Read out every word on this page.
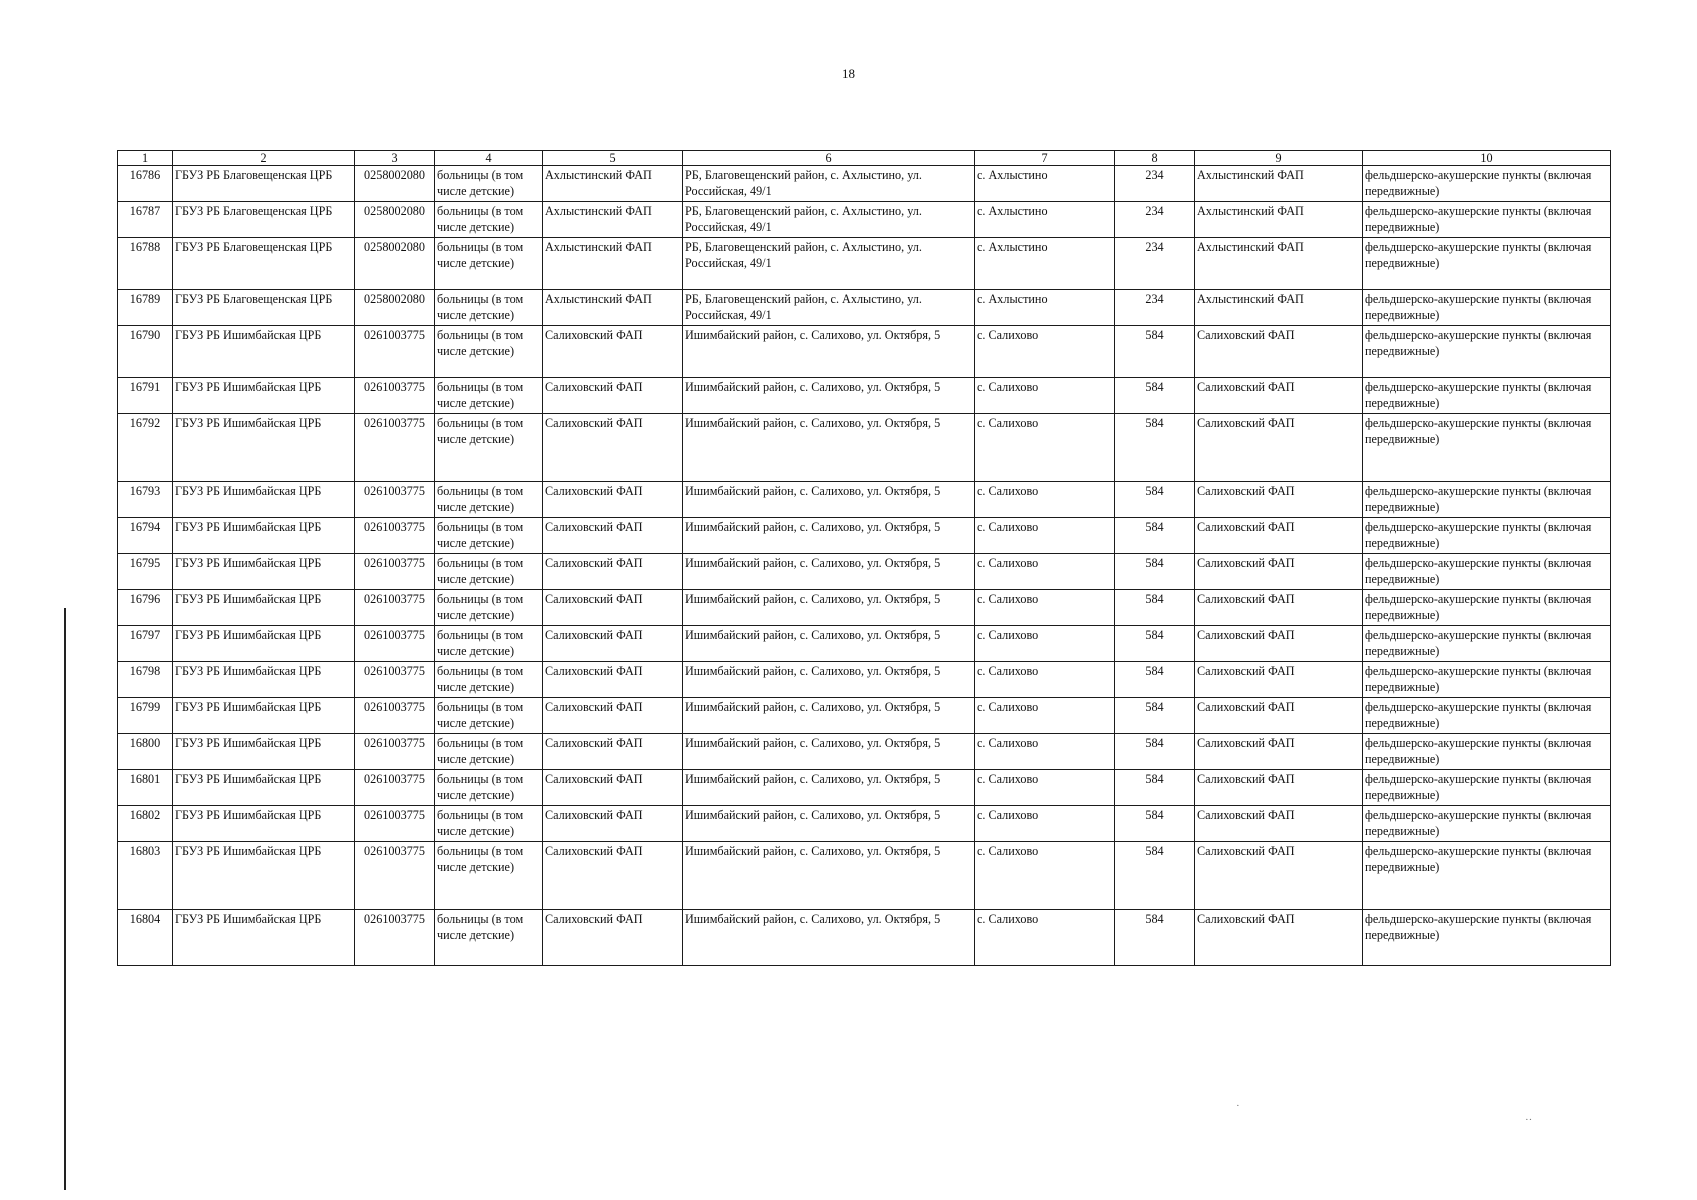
18
·
··
1	2	3	4	5	6	7	8	9	10
16786	ГБУЗ РБ Благовещенская ЦРБ	0258002080	больницы (в том числе детские)	Ахлыстинский ФАП	РБ, Благовещенский район, с. Ахлыстино, ул. Российская, 49/1	с. Ахлыстино	234	Ахлыстинский ФАП	фельдшерско-акушерские пункты (включая передвижные)
16787	ГБУЗ РБ Благовещенская ЦРБ	0258002080	больницы (в том числе детские)	Ахлыстинский ФАП	РБ, Благовещенский район, с. Ахлыстино, ул. Российская, 49/1	с. Ахлыстино	234	Ахлыстинский ФАП	фельдшерско-акушерские пункты (включая передвижные)
16788	ГБУЗ РБ Благовещенская ЦРБ	0258002080	больницы (в том числе детские)	Ахлыстинский ФАП	РБ, Благовещенский район, с. Ахлыстино, ул. Российская, 49/1	с. Ахлыстино	234	Ахлыстинский ФАП	фельдшерско-акушерские пункты (включая передвижные)
16789	ГБУЗ РБ Благовещенская ЦРБ	0258002080	больницы (в том числе детские)	Ахлыстинский ФАП	РБ, Благовещенский район, с. Ахлыстино, ул. Российская, 49/1	с. Ахлыстино	234	Ахлыстинский ФАП	фельдшерско-акушерские пункты (включая передвижные)
16790	ГБУЗ РБ Ишимбайская ЦРБ	0261003775	больницы (в том числе детские)	Салиховский ФАП	Ишимбайский район, с. Салихово, ул. Октября, 5	с. Салихово	584	Салиховский ФАП	фельдшерско-акушерские пункты (включая передвижные)
16791	ГБУЗ РБ Ишимбайская ЦРБ	0261003775	больницы (в том числе детские)	Салиховский ФАП	Ишимбайский район, с. Салихово, ул. Октября, 5	с. Салихово	584	Салиховский ФАП	фельдшерско-акушерские пункты (включая передвижные)
16792	ГБУЗ РБ Ишимбайская ЦРБ	0261003775	больницы (в том числе детские)	Салиховский ФАП	Ишимбайский район, с. Салихово, ул. Октября, 5	с. Салихово	584	Салиховский ФАП	фельдшерско-акушерские пункты (включая передвижные)
16793	ГБУЗ РБ Ишимбайская ЦРБ	0261003775	больницы (в том числе детские)	Салиховский ФАП	Ишимбайский район, с. Салихово, ул. Октября, 5	с. Салихово	584	Салиховский ФАП	фельдшерско-акушерские пункты (включая передвижные)
16794	ГБУЗ РБ Ишимбайская ЦРБ	0261003775	больницы (в том числе детские)	Салиховский ФАП	Ишимбайский район, с. Салихово, ул. Октября, 5	с. Салихово	584	Салиховский ФАП	фельдшерско-акушерские пункты (включая передвижные)
16795	ГБУЗ РБ Ишимбайская ЦРБ	0261003775	больницы (в том числе детские)	Салиховский ФАП	Ишимбайский район, с. Салихово, ул. Октября, 5	с. Салихово	584	Салиховский ФАП	фельдшерско-акушерские пункты (включая передвижные)
16796	ГБУЗ РБ Ишимбайская ЦРБ	0261003775	больницы (в том числе детские)	Салиховский ФАП	Ишимбайский район, с. Салихово, ул. Октября, 5	с. Салихово	584	Салиховский ФАП	фельдшерско-акушерские пункты (включая передвижные)
16797	ГБУЗ РБ Ишимбайская ЦРБ	0261003775	больницы (в том числе детские)	Салиховский ФАП	Ишимбайский район, с. Салихово, ул. Октября, 5	с. Салихово	584	Салиховский ФАП	фельдшерско-акушерские пункты (включая передвижные)
16798	ГБУЗ РБ Ишимбайская ЦРБ	0261003775	больницы (в том числе детские)	Салиховский ФАП	Ишимбайский район, с. Салихово, ул. Октября, 5	с. Салихово	584	Салиховский ФАП	фельдшерско-акушерские пункты (включая передвижные)
16799	ГБУЗ РБ Ишимбайская ЦРБ	0261003775	больницы (в том числе детские)	Салиховский ФАП	Ишимбайский район, с. Салихово, ул. Октября, 5	с. Салихово	584	Салиховский ФАП	фельдшерско-акушерские пункты (включая передвижные)
16800	ГБУЗ РБ Ишимбайская ЦРБ	0261003775	больницы (в том числе детские)	Салиховский ФАП	Ишимбайский район, с. Салихово, ул. Октября, 5	с. Салихово	584	Салиховский ФАП	фельдшерско-акушерские пункты (включая передвижные)
16801	ГБУЗ РБ Ишимбайская ЦРБ	0261003775	больницы (в том числе детские)	Салиховский ФАП	Ишимбайский район, с. Салихово, ул. Октября, 5	с. Салихово	584	Салиховский ФАП	фельдшерско-акушерские пункты (включая передвижные)
16802	ГБУЗ РБ Ишимбайская ЦРБ	0261003775	больницы (в том числе детские)	Салиховский ФАП	Ишимбайский район, с. Салихово, ул. Октября, 5	с. Салихово	584	Салиховский ФАП	фельдшерско-акушерские пункты (включая передвижные)
16803	ГБУЗ РБ Ишимбайская ЦРБ	0261003775	больницы (в том числе детские)	Салиховский ФАП	Ишимбайский район, с. Салихово, ул. Октября, 5	с. Салихово	584	Салиховский ФАП	фельдшерско-акушерские пункты (включая передвижные)
16804	ГБУЗ РБ Ишимбайская ЦРБ	0261003775	больницы (в том числе детские)	Салиховский ФАП	Ишимбайский район, с. Салихово, ул. Октября, 5	с. Салихово	584	Салиховский ФАП	фельдшерско-акушерские пункты (включая передвижные)
